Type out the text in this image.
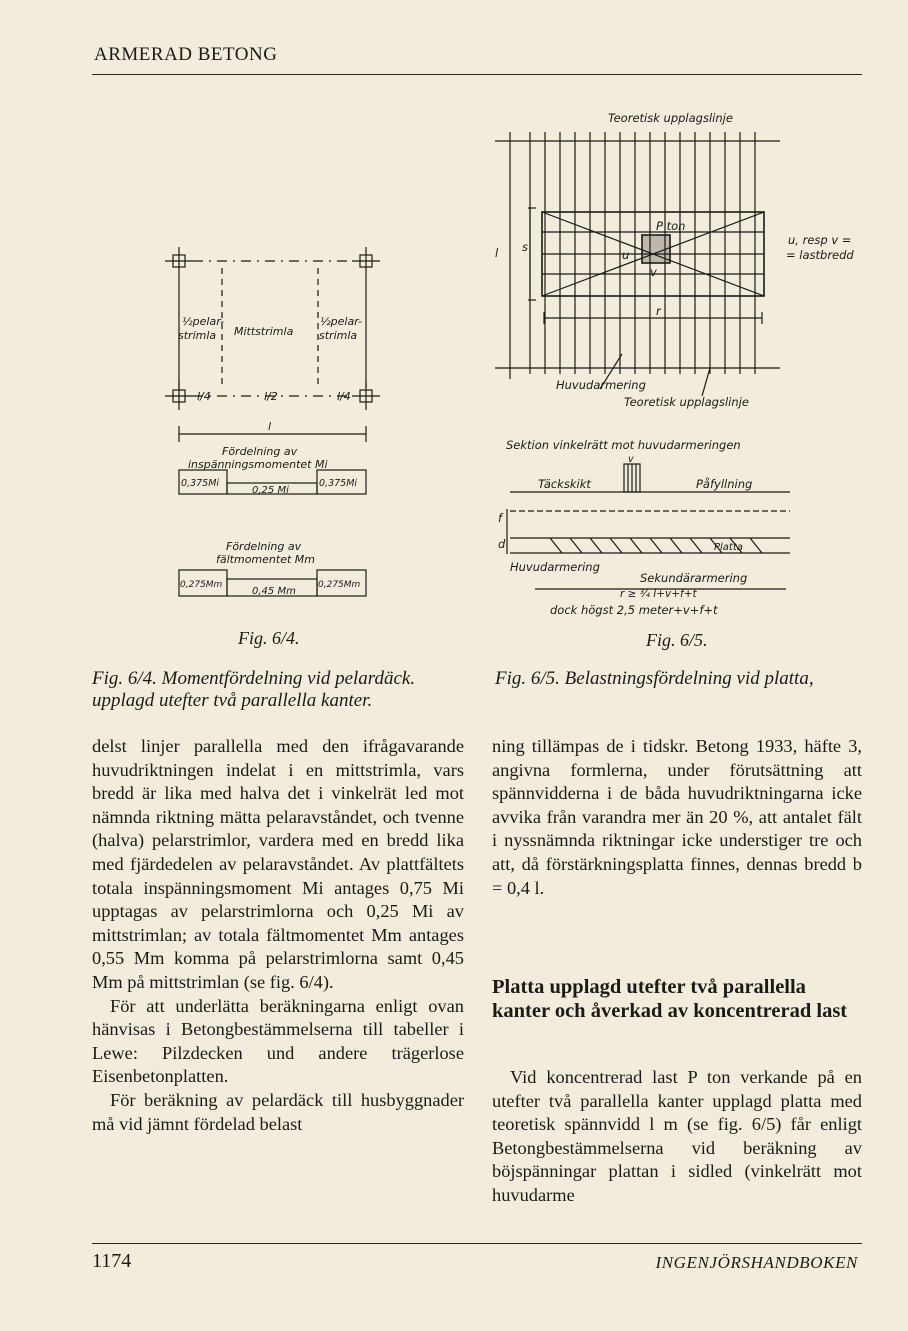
ARMERAD BETONG
½pelar-
strimla Mittstrimla
½pelar-
strimla
l/4	l/2	l/4
l
Fördelning av
inspänningsmomentet Mi
0,375Mi
0,25 Mi
0,375Mi
Fördelning av
fältmomentet Mm
0,275Mm
0,45 Mm
0,275Mm
Fig. 6/4.
Fig. 6/4. Momentfördelning vid pelardäck.
upplagd utefter två parallella kanter.
Teoretisk upplagslinje
P ton
u, resp v =
= lastbredd
l s
u
v
r
Huvudarmering
Teoretisk upplagslinje
Sektion vinkelrätt mot huvudarmeringen
v
Täckskikt	Påfyllning
f
d	Platta
Huvudarmering
Sekundärarmering
r ≥ ¾ l+v+f+t
dock högst 2,5 meter+v+f+t
Fig. 6/5.
Fig. 6/5. Belastningsfördelning vid platta,

delst linjer parallella med den ifrågavarande huvudriktningen indelat i en mittstrimla, vars bredd är lika med halva det i vinkelrät led mot nämnda riktning mätta pelaravståndet, och tvenne (halva) pelarstrimlor, vardera med en bredd lika med fjärdedelen av pelaravståndet. Av plattfältets totala inspänningsmoment Mi antages 0,75 Mi upptagas av pelarstrimlorna och 0,25 Mi av mittstrimlan; av totala fältmomentet Mm antages 0,55 Mm komma på pelarstrimlorna samt 0,45 Mm på mittstrimlan (se fig. 6/4).

För att underlätta beräkningarna enligt ovan hänvisas i Betongbestämmelserna till tabeller i Lewe: Pilzdecken und andere trägerlose Eisenbetonplatten.

För beräkning av pelardäck till husbyggnader må vid jämnt fördelad belast

ning tillämpas de i tidskr. Betong 1933, häfte 3, angivna formlerna, under förutsättning att spännvidderna i de båda huvudriktningarna icke avvika från varandra mer än 20 %, att antalet fält i nyssnämnda riktningar icke understiger tre och att, då förstärkningsplatta finnes, dennas bredd b = 0,4 l.

Platta upplagd utefter två parallella kanter och åverkad av koncentrerad last

Vid koncentrerad last P ton verkande på en utefter två parallella kanter upplagd platta med teoretisk spännvidd l m (se fig. 6/5) får enligt Betongbestämmelserna vid beräkning av böjspänningar plattan i sidled (vinkelrätt mot huvudarme

1174	INGENJÖRSHANDBOKEN
